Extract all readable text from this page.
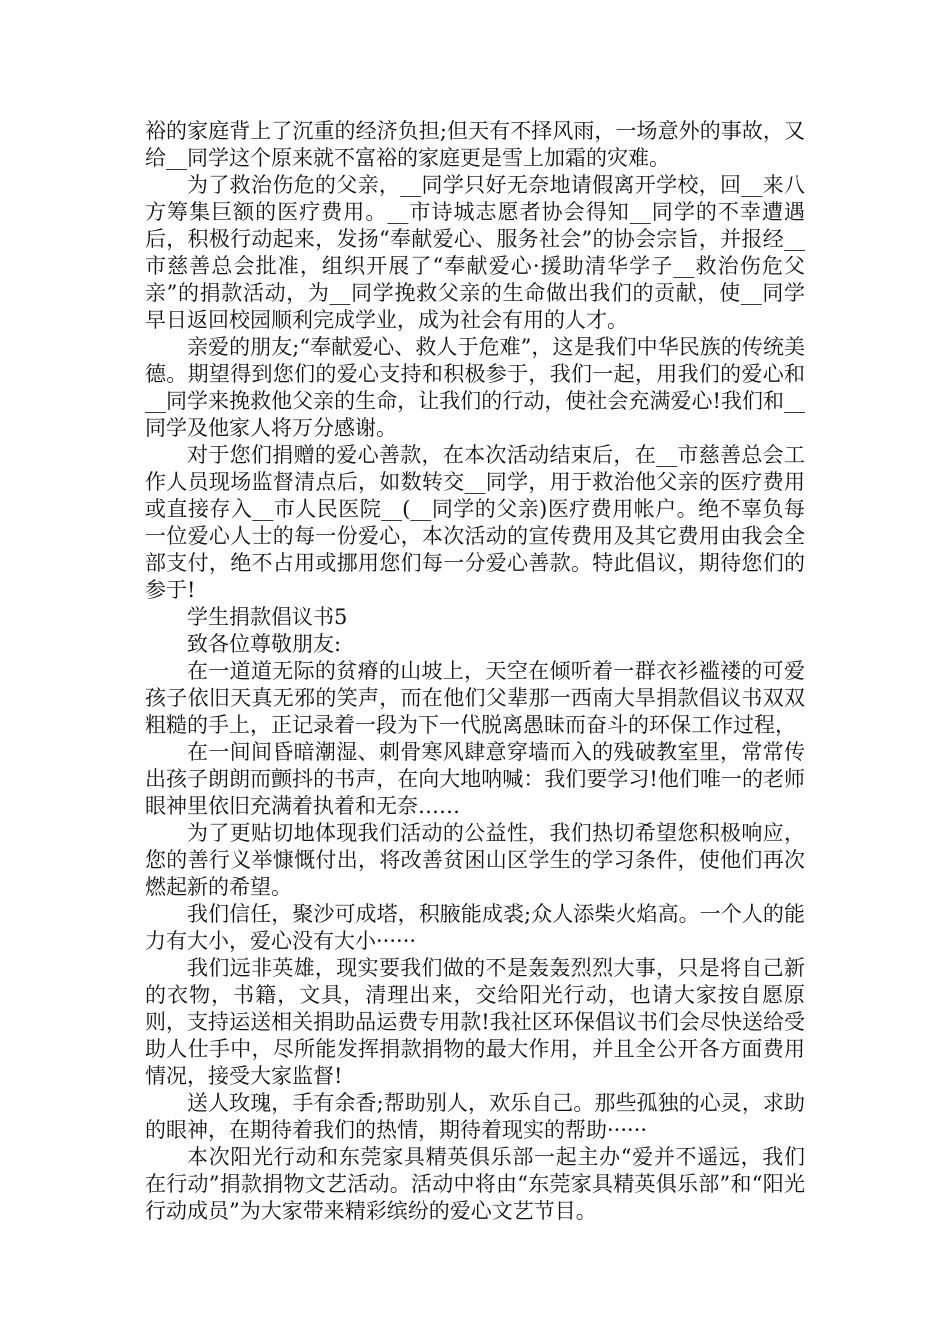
裕的家庭背上了沉重的经济负担;但天有不择风雨，一场意外的事故，又给__同学这个原来就不富裕的家庭更是雪上加霜的灾难。

为了救治伤危的父亲，__同学只好无奈地请假离开学校，回__来八方筹集巨额的医疗费用。__市诗城志愿者协会得知__同学的不幸遭遇后，积极行动起来，发扬“奉献爱心、服务社会”的协会宗旨，并报经__市慈善总会批准，组织开展了“奉献爱心·援助清华学子__救治伤危父亲”的捐款活动，为__同学挽救父亲的生命做出我们的贡献，使__同学早日返回校园顺利完成学业，成为社会有用的人才。

亲爱的朋友;“奉献爱心、救人于危难”，这是我们中华民族的传统美德。期望得到您们的爱心支持和积极参于，我们一起，用我们的爱心和__同学来挽救他父亲的生命，让我们的行动，使社会充满爱心!我们和__同学及他家人将万分感谢。

对于您们捐赠的爱心善款，在本次活动结束后，在__市慈善总会工作人员现场监督清点后，如数转交__同学，用于救治他父亲的医疗费用或直接存入__市人民医院__(__同学的父亲)医疗费用帐户。绝不辜负每一位爱心人士的每一份爱心，本次活动的宣传费用及其它费用由我会全部支付，绝不占用或挪用您们每一分爱心善款。特此倡议，期待您们的参于!

学生捐款倡议书5

致各位尊敬朋友:

在一道道无际的贫瘠的山坡上，天空在倾听着一群衣衫褴褛的可爱孩子依旧天真无邪的笑声，而在他们父辈那一西南大旱捐款倡议书双双粗糙的手上，正记录着一段为下一代脱离愚昧而奋斗的环保工作过程，

在一间间昏暗潮湿、刺骨寒风肆意穿墙而入的残破教室里，常常传出孩子朗朗而颤抖的书声，在向大地呐喊：我们要学习!他们唯一的老师眼神里依旧充满着执着和无奈……

为了更贴切地体现我们活动的公益性，我们热切希望您积极响应，您的善行义举慷慨付出，将改善贫困山区学生的学习条件，使他们再次燃起新的希望。

我们信任，聚沙可成塔，积腋能成裘;众人添柴火焰高。一个人的能力有大小，爱心没有大小······

我们远非英雄，现实要我们做的不是轰轰烈烈大事，只是将自己新的衣物，书籍，文具，清理出来，交给阳光行动，也请大家按自愿原则，支持运送相关捐助品运费专用款!我社区环保倡议书们会尽快送给受助人仕手中，尽所能发挥捐款捐物的最大作用，并且全公开各方面费用情况，接受大家监督!

送人玫瑰，手有余香;帮助别人，欢乐自己。那些孤独的心灵，求助的眼神，在期待着我们的热情，期待着现实的帮助······

本次阳光行动和东莞家具精英俱乐部一起主办“爱并不遥远，我们在行动”捐款捐物文艺活动。活动中将由“东莞家具精英俱乐部”和“阳光行动成员”为大家带来精彩缤纷的爱心文艺节目。
